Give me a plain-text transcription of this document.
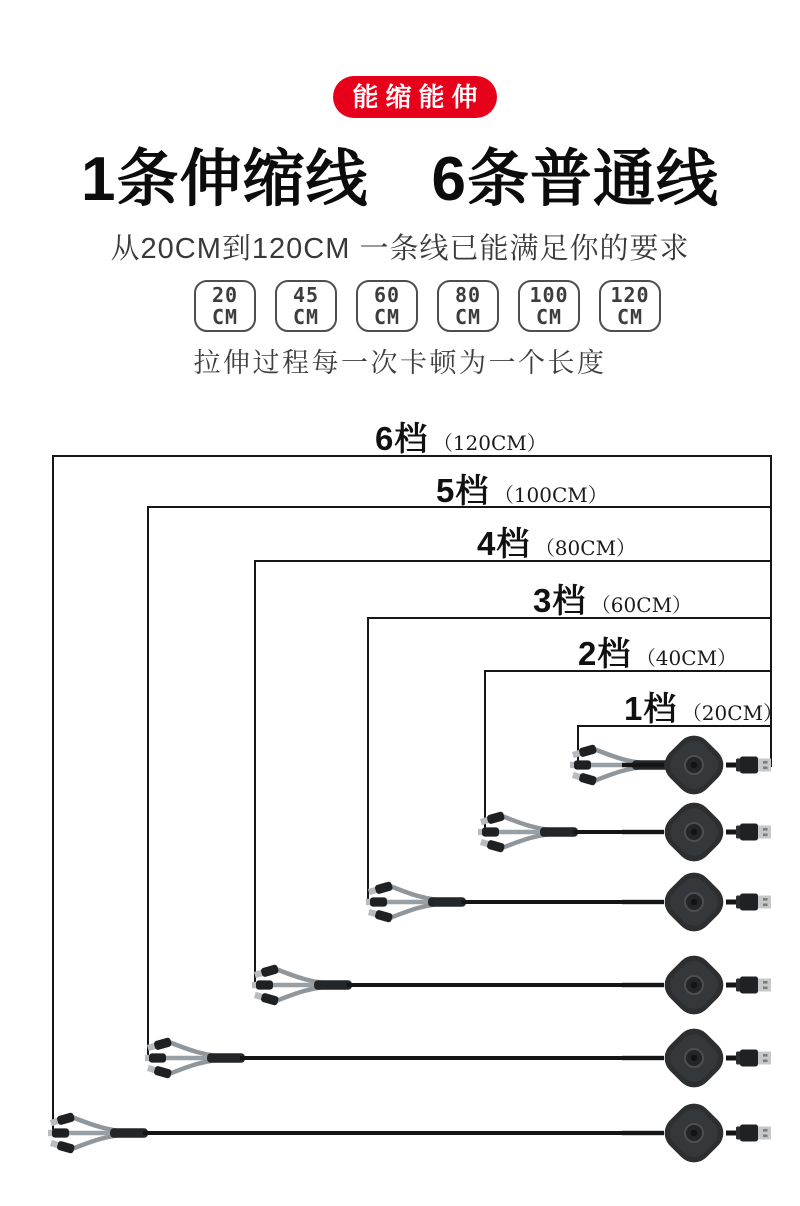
能缩能伸
1条伸缩线　6条普通线
从20CM到120CM 一条线已能满足你的要求
20
CM
45
CM
60
CM
80
CM
100
CM
120
CM
拉伸过程每一次卡顿为一个长度
6档 （120CM）
5档 （100CM）
4档 （80CM）
3档 （60CM）
2档 （40CM）
1档 （20CM）
